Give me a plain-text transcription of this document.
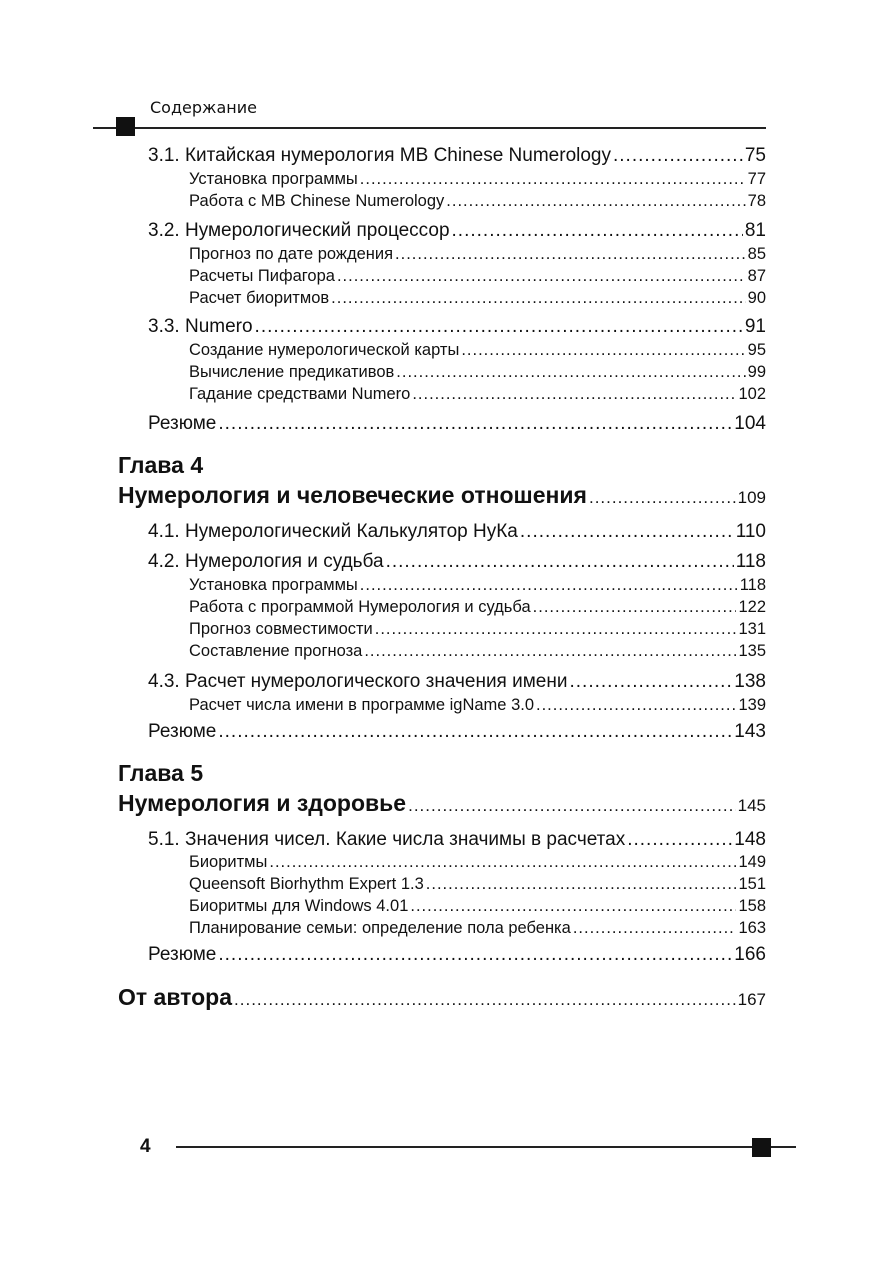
Содержание
3.1. Китайская нумерология MB Chinese Numerology .....	75
Установка программы .....	77
Работа с MB Chinese Numerology .....	78
3.2. Нумерологический процессор .....	81
Прогноз по дате рождения .....	85
Расчеты Пифагора .....	87
Расчет биоритмов .....	90
3.3. Numero .....	91
Создание нумерологической карты .....	95
Вычисление предикативов .....	99
Гадание средствами Numero .....	102
Резюме .....	104
Глава 4
Нумерология и человеческие отношения .....	109
4.1. Нумерологический Калькулятор НуКа .....	110
4.2. Нумерология и судьба .....	118
Установка программы .....	118
Работа с программой Нумерология и судьба .....	122
Прогноз совместимости .....	131
Составление прогноза .....	135
4.3. Расчет нумерологического значения имени .....	138
Расчет числа имени в программе igName 3.0 .....	139
Резюме .....	143
Глава 5
Нумерология и здоровье .....	145
5.1. Значения чисел. Какие числа значимы в расчетах .....	148
Биоритмы .....	149
Queensoft Biorhythm Expert 1.3 .....	151
Биоритмы для Windows 4.01 .....	158
Планирование семьи: определение пола ребенка .....	163
Резюме .....	166
От автора .....	167
4
